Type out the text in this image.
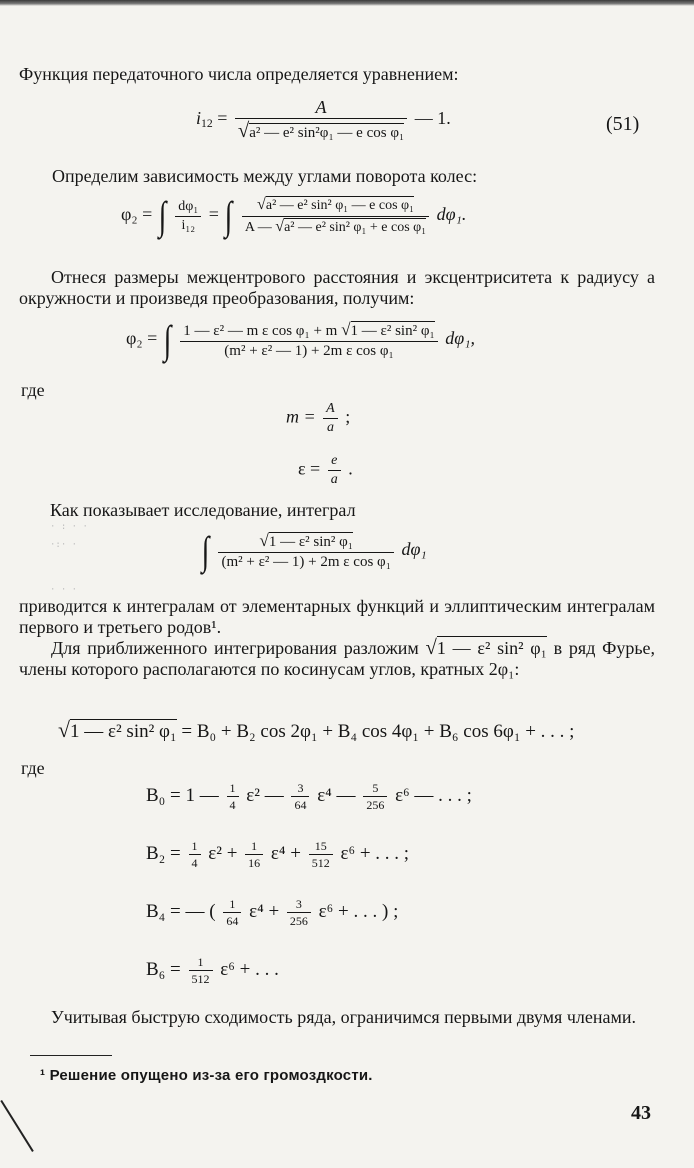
Функция передаточного числа определяется уравнением:

$i_{12} = \frac{A}{\text{√a² — e² sin²φ₁ — e cos φ₁}}$ — 1.	(51)

Определим зависимость между углами поворота колес:

φ₂ = ∫ $\frac{\text{dφ₁}}{\text{i₁₂}}$ = ∫ $\frac{\text{√a² — e² sin² φ₁ — e cos φ₁}}{\text{A — √a² — e² sin² φ₁ + e cos φ₁}} d\varphi_1$.

Отнеся размеры межцентрового расстояния и эксцентриситета к радиусу a окружности и произведя преобразования, получим:

φ₂ = ∫ $\frac{\text{1 — ε² — m ε cos φ₁ + m √1 — ε² sin² φ₁}}{\text{(m² + ε² — 1) + 2m ε cos φ₁}} d\varphi_1$,
где
$m = \frac{A}{a}$ ;
$\varepsilon = \frac{e}{a}$ .

Как показывает исследование, интеграл

· : · ·
·:· ·
· · ·
∫ $\frac{\text{√1 — ε² sin² φ₁}}{\text{(m² + ε² — 1) + 2m ε cos φ₁}} d\varphi_1$

приводится к интегралам от элементарных функций и эллиптическим интегралам первого и третьего родов¹.

Для приближенного интегрирования разложим √1 — ε² sin² φ₁ в ряд Фурье, члены которого располагаются по косинусам углов, кратных 2φ₁:

√1 — ε² sin² φ₁ = B₀ + B₂ cos 2φ₁ + B₄ cos 4φ₁ + B₆ cos 6φ₁ + . . . ;
где
B₀ = 1 — $\frac{1}{4} \varepsilon^2$ — $\frac{3}{64} \varepsilon^4$ — $\frac{5}{256} \varepsilon^6$ — . . . ;
$B_2 = \frac{1}{4} \varepsilon^2 + \frac{1}{16} \varepsilon^4 + \frac{15}{512} \varepsilon^6$ + . . . ;
B₄ = — ( $\frac{1}{64} \varepsilon^4 + \frac{3}{256} \varepsilon^6$ + . . . ) ;
$B_6 = \frac{1}{512} \varepsilon^6$ + . . .

Учитывая быструю сходимость ряда, ограничимся первыми двумя членами.

¹ Решение опущено из-за его громоздкости.
43
